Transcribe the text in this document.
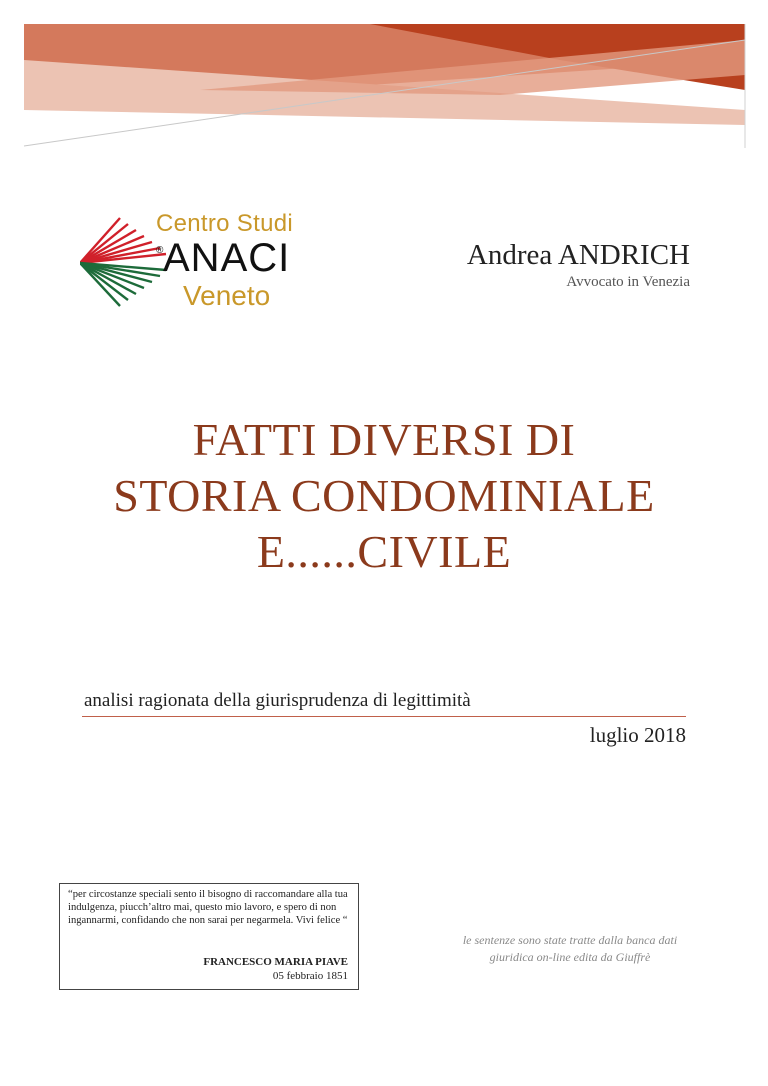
Centro Studi
® ANACI
Veneto
Andrea ANDRICH
Avvocato in Venezia
FATTI DIVERSI DI
STORIA CONDOMINIALE
E......CIVILE
analisi ragionata della giurisprudenza di legittimità
luglio 2018

“per circostanze speciali sento il bisogno di raccomandare alla tua indulgenza, piucch’altro mai, questo mio lavoro, e spero di non ingannarmi, confidando che non sarai per negarmela. Vivi felice “

FRANCESCO MARIA PIAVE
05 febbraio 1851
le sentenze sono state tratte dalla banca dati giuridica on-line edita da Giuffrè
